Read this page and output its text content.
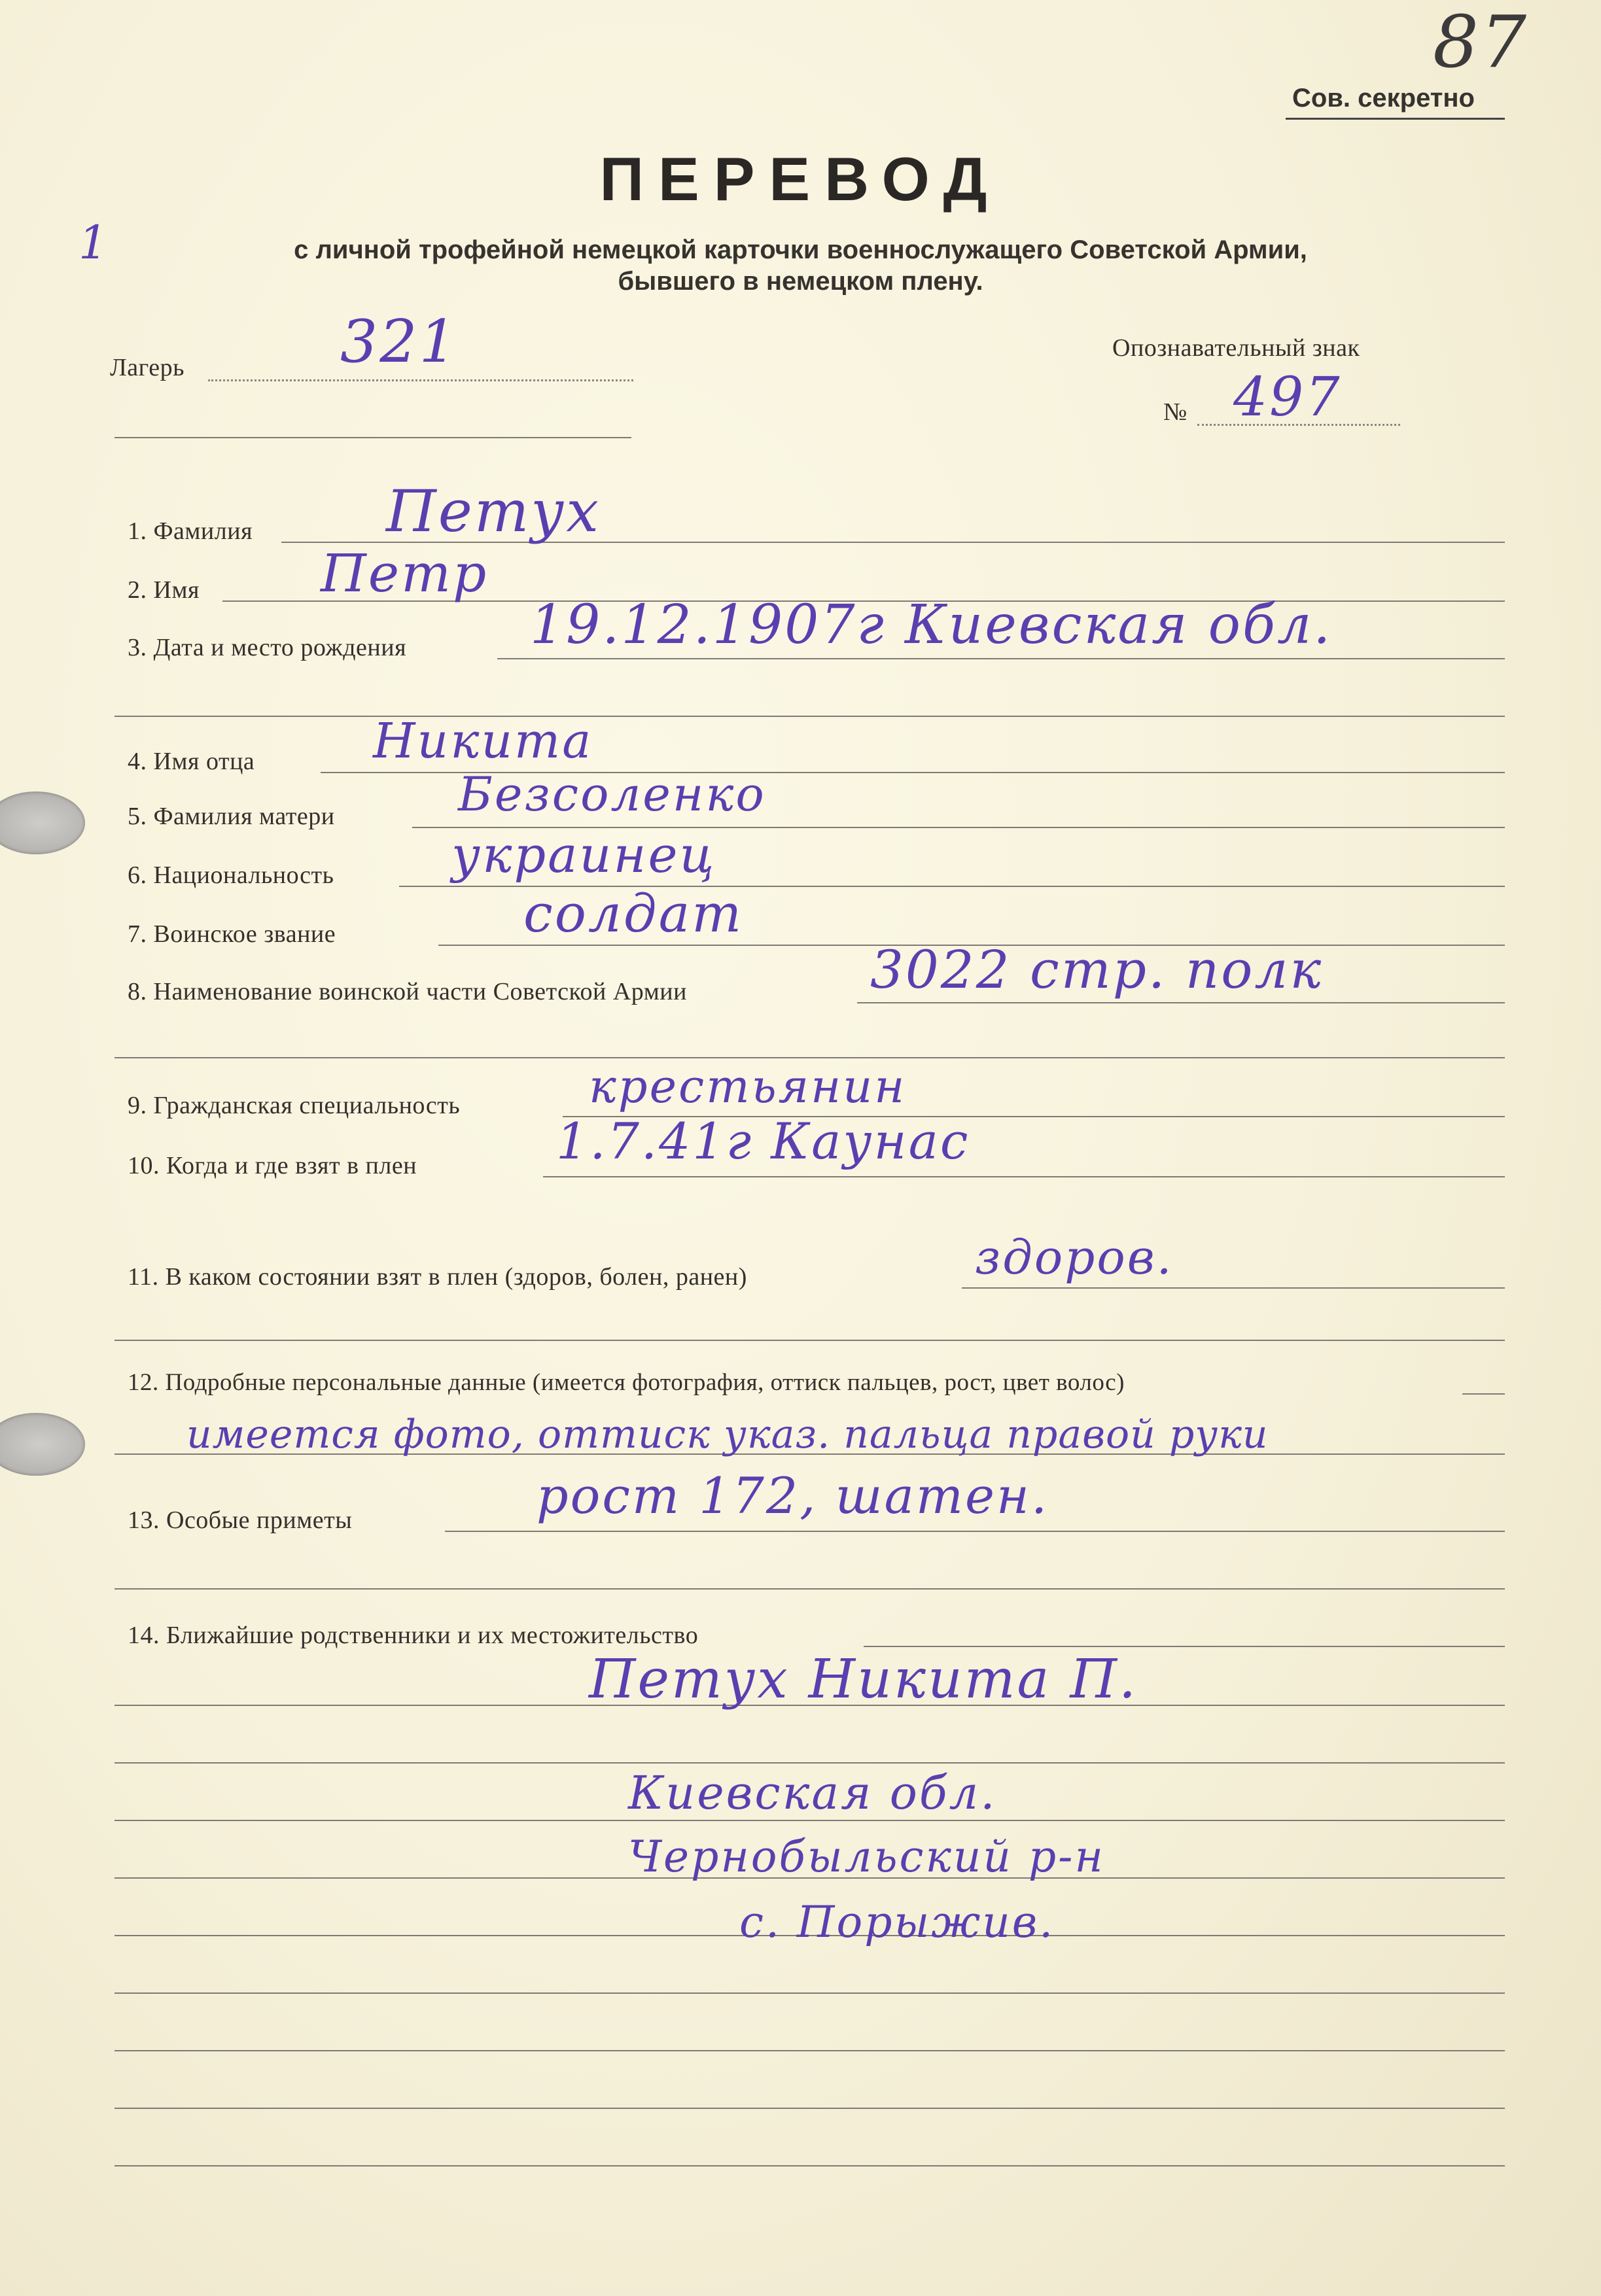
87
Сов. секретно
1
ПЕРЕВОД
с личной трофейной немецкой карточки военнослужащего Советской Армии,
бывшего в немецком плену.
Лагерь	321	Опознавательный знак
№ 497
1. Фамилия Петух
2. Имя Петр
3. Дата и место рождения 19.12.1907г Киевская обл.
4. Имя отца Никита
5. Фамилия матери	Безсоленко
6. Национальность украинец
7. Воинское звание	солдат
8. Наименование воинской части Советской Армии	3022 стр. полк
9. Гражданская специальность	крестьянин
10. Когда и где взят в плен	1.7.41г Каунас
11. В каком состоянии взят в плен (здоров, болен, ранен)	здоров.
12. Подробные персональные данные (имеется фотография, оттиск пальцев, рост, цвет волос)
имеется фото, оттиск указ. пальца правой руки
13. Особые приметы	рост 172, шатен.
14. Ближайшие родственники и их местожительство
Петух Никита П.
Киевская обл.
Чернобыльский р-н
с. Порыжив.
